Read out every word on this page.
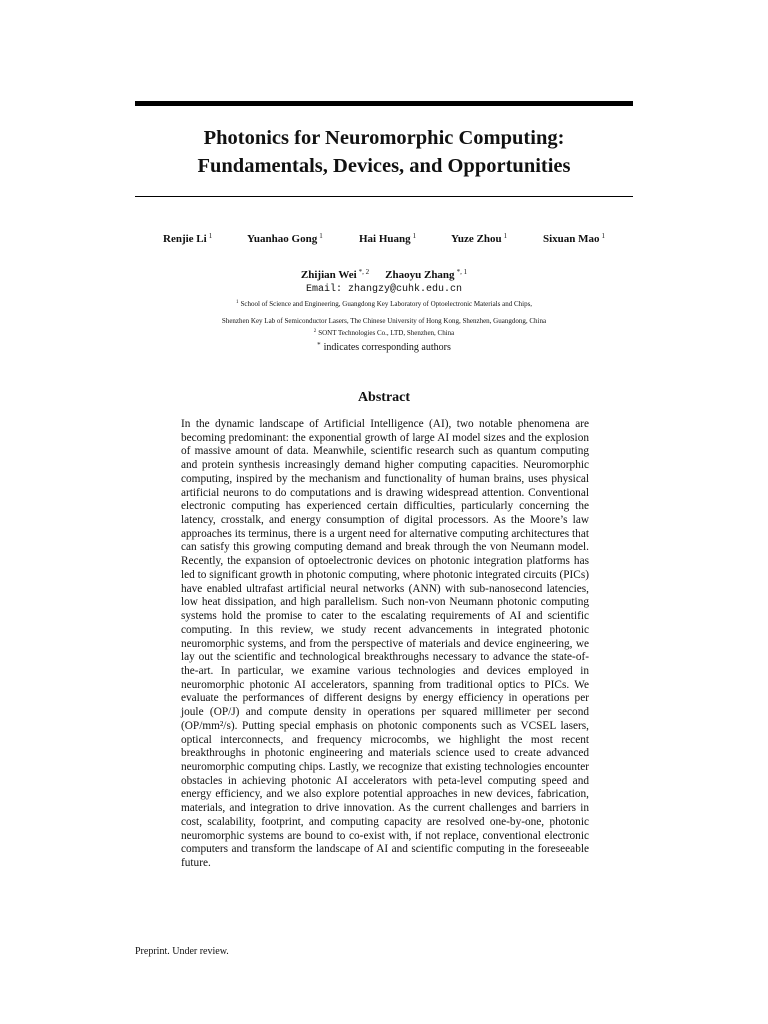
Photonics for Neuromorphic Computing:
Fundamentals, Devices, and Opportunities
Renjie Li $^1$	Yuanhao Gong $^1$	Hai Huang $^1$	Yuze Zhou $^1$	Sixuan Mao $^1$
Zhijian Wei $^{*, 2}$ Zhaoyu Zhang $^{*, 1}$
Email: zhangzy@cuhk.edu.cn
$^1$ School of Science and Engineering, Guangdong Key Laboratory of Optoelectronic Materials and Chips,
Shenzhen Key Lab of Semiconductor Lasers, The Chinese University of Hong Kong, Shenzhen, Guangdong, China
$^2$ SONT Technologies Co., LTD, Shenzhen, China
* indicates corresponding authors
Abstract
In the dynamic landscape of Artificial Intelligence (AI), two notable phenomena are becoming predominant: the exponential growth of large AI model sizes and the explosion of massive amount of data. Meanwhile, scientific research such as quantum computing and protein synthesis increasingly demand higher computing capacities. Neuromorphic computing, inspired by the mechanism and functionality of human brains, uses physical artificial neurons to do computations and is drawing widespread attention. Conventional electronic computing has experienced certain difficulties, particularly concerning the latency, crosstalk, and energy consumption of digital processors. As the Moore’s law approaches its terminus, there is a urgent need for alternative computing architectures that can satisfy this growing computing demand and break through the von Neumann model. Recently, the expansion of optoelectronic devices on photonic integration platforms has led to significant growth in photonic computing, where photonic integrated circuits (PICs) have enabled ultrafast artificial neural networks (ANN) with sub-nanosecond latencies, low heat dissipation, and high parallelism. Such non-von Neumann photonic computing systems hold the promise to cater to the escalating requirements of AI and scientific computing. In this review, we study recent advancements in integrated photonic neuromorphic systems, and from the perspective of materials and device engineering, we lay out the scientific and technological breakthroughs necessary to advance the state-of-the-art. In particular, we examine various technologies and devices employed in neuromorphic photonic AI accelerators, spanning from traditional optics to PICs. We evaluate the performances of different designs by energy efficiency in operations per joule (OP/J) and compute density in operations per squared millimeter per second (OP/mm²/s). Putting special emphasis on photonic components such as VCSEL lasers, optical interconnects, and frequency microcombs, we highlight the most recent breakthroughs in photonic engineering and materials science used to create advanced neuromorphic computing chips. Lastly, we recognize that existing technologies encounter obstacles in achieving photonic AI accelerators with peta-level computing speed and energy efficiency, and we also explore potential approaches in new devices, fabrication, materials, and integration to drive innovation. As the current challenges and barriers in cost, scalability, footprint, and computing capacity are resolved one-by-one, photonic neuromorphic systems are bound to co-exist with, if not replace, conventional electronic computers and transform the landscape of AI and scientific computing in the foreseeable future.
Preprint. Under review.
